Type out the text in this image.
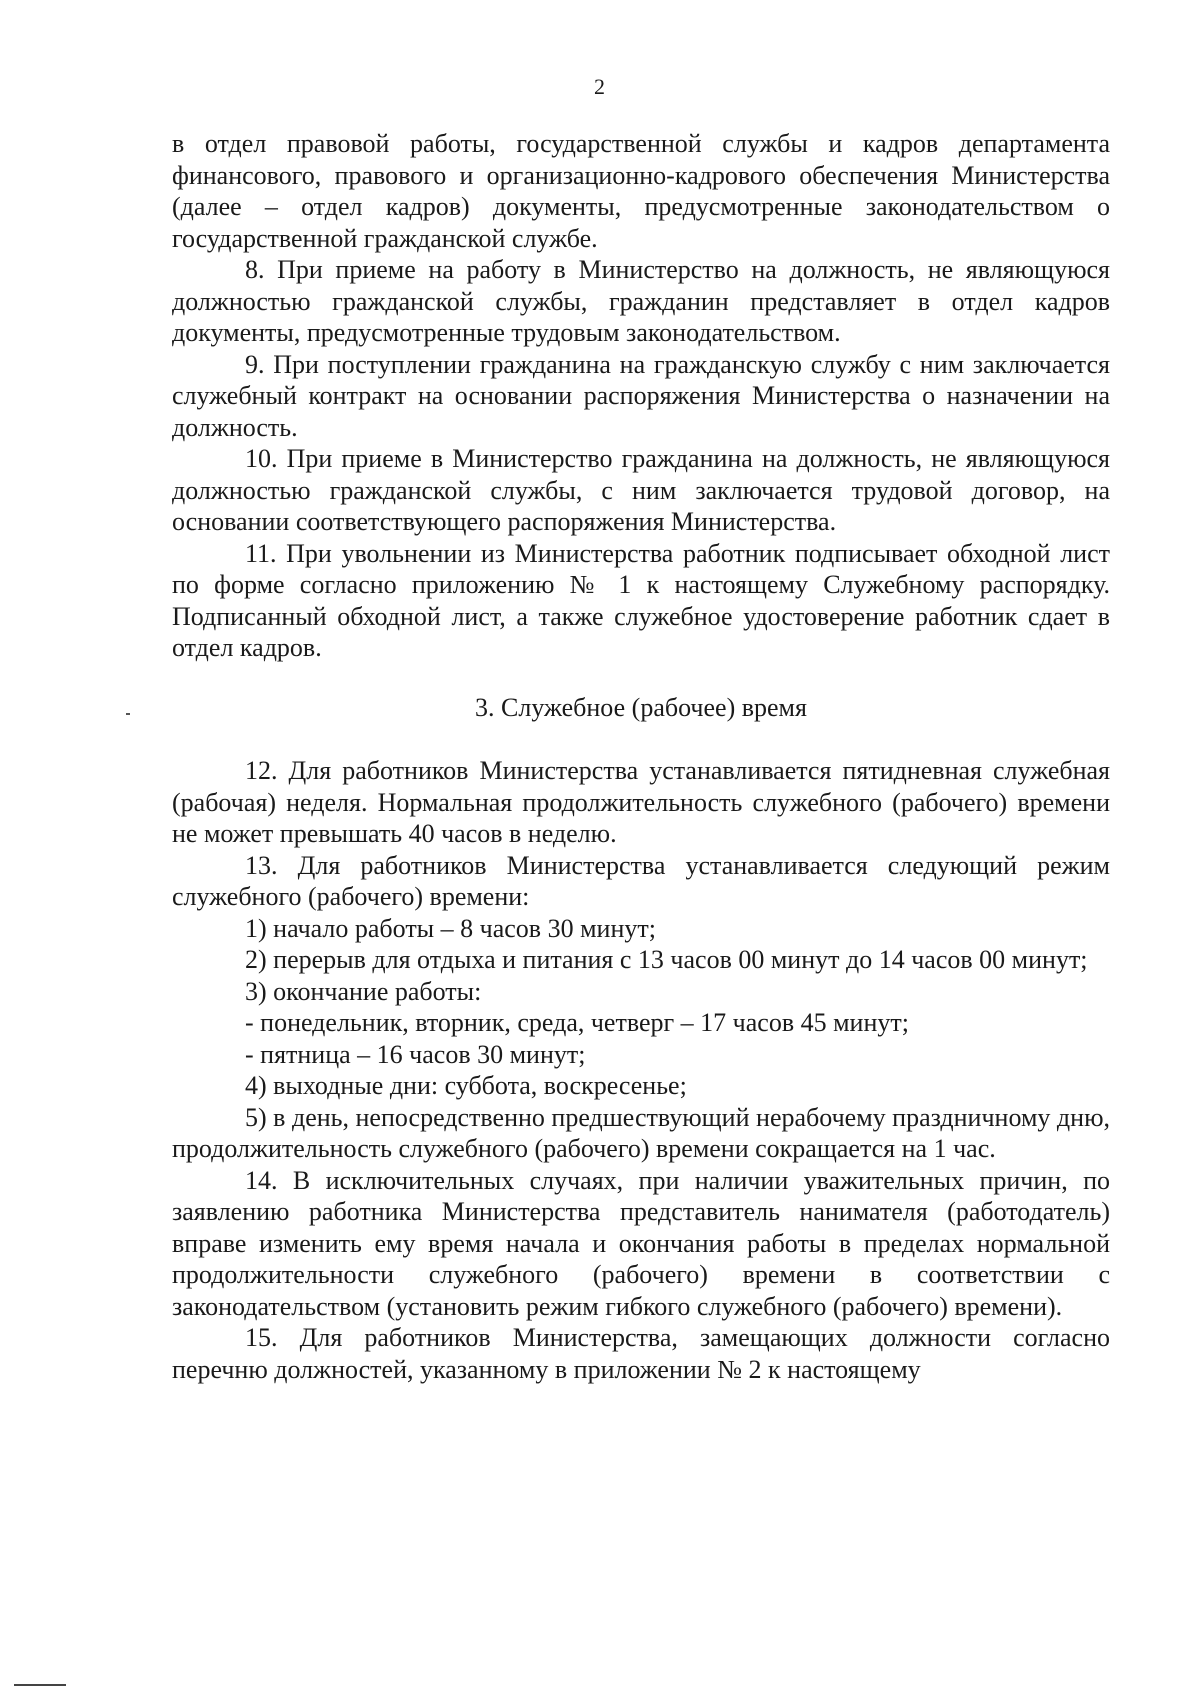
2

в отдел правовой работы, государственной службы и кадров департамента финансового, правового и организационно-кадрового обеспечения Министерства (далее – отдел кадров) документы, предусмотренные законодательством о государственной гражданской службе.

8. При приеме на работу в Министерство на должность, не являющуюся должностью гражданской службы, гражданин представляет в отдел кадров документы, предусмотренные трудовым законодательством.

9. При поступлении гражданина на гражданскую службу с ним заключается служебный контракт на основании распоряжения Министерства о назначении на должность.

10. При приеме в Министерство гражданина на должность, не являющуюся должностью гражданской службы, с ним заключается трудовой договор, на основании соответствующего распоряжения Министерства.

11. При увольнении из Министерства работник подписывает обходной лист по форме согласно приложению № 1 к настоящему Служебному распорядку. Подписанный обходной лист, а также служебное удостоверение работник сдает в отдел кадров.

3. Служебное (рабочее) время

12. Для работников Министерства устанавливается пятидневная служебная (рабочая) неделя. Нормальная продолжительность служебного (рабочего) времени не может превышать 40 часов в неделю.

13. Для работников Министерства устанавливается следующий режим служебного (рабочего) времени:

1) начало работы – 8 часов 30 минут;

2) перерыв для отдыха и питания с 13 часов 00 минут до 14 часов 00 минут;

3) окончание работы:

- понедельник, вторник, среда, четверг – 17 часов 45 минут;

- пятница – 16 часов 30 минут;

4) выходные дни: суббота, воскресенье;

5) в день, непосредственно предшествующий нерабочему праздничному дню, продолжительность служебного (рабочего) времени сокращается на 1 час.

14. В исключительных случаях, при наличии уважительных причин, по заявлению работника Министерства представитель нанимателя (работодатель) вправе изменить ему время начала и окончания работы в пределах нормальной продолжительности служебного (рабочего) времени в соответствии с законодательством (установить режим гибкого служебного (рабочего) времени).

15. Для работников Министерства, замещающих должности согласно перечню должностей, указанному в приложении № 2 к настоящему
